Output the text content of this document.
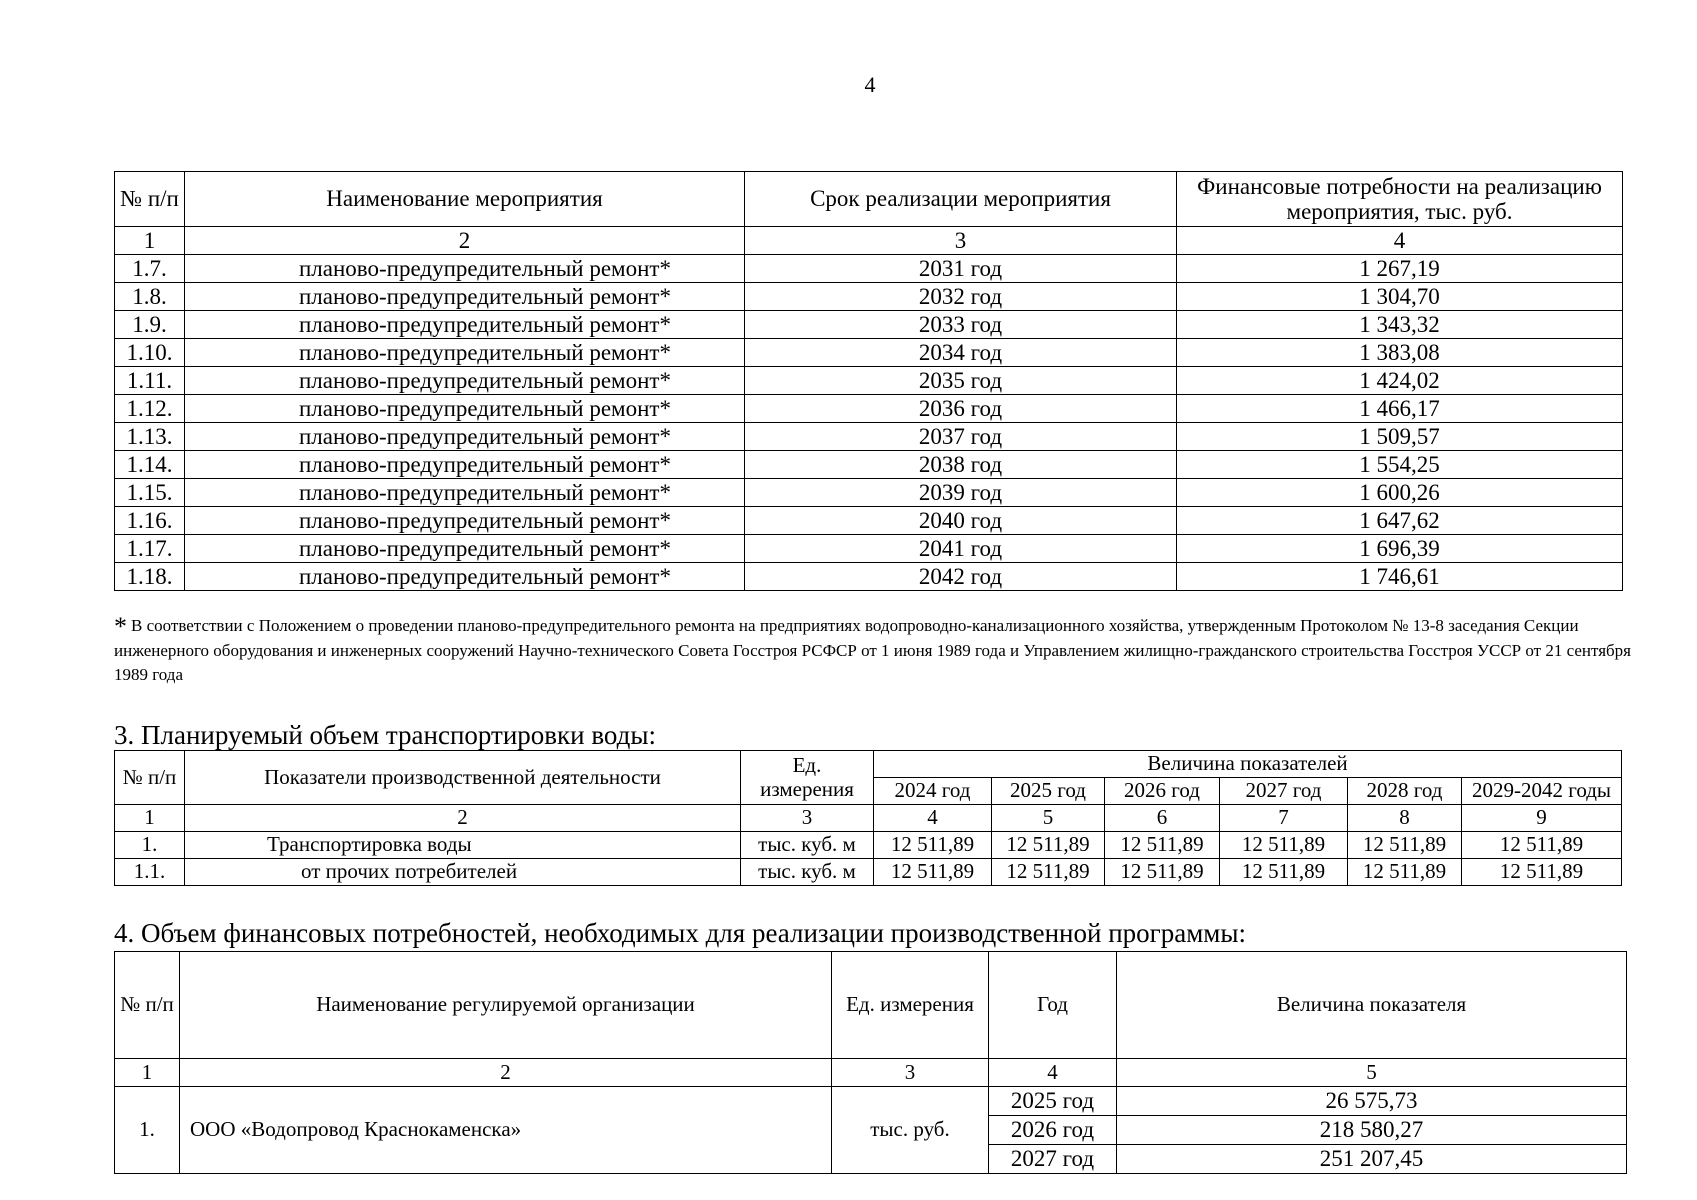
4
№ п/п	Наименование мероприятия	Срок реализации мероприятия	Финансовые потребности на реализацию мероприятия, тыс. руб.
1	2	3	4
1.7.	планово-предупредительный ремонт*	2031 год	1 267,19
1.8.	планово-предупредительный ремонт*	2032 год	1 304,70
1.9.	планово-предупредительный ремонт*	2033 год	1 343,32
1.10.	планово-предупредительный ремонт*	2034 год	1 383,08
1.11.	планово-предупредительный ремонт*	2035 год	1 424,02
1.12.	планово-предупредительный ремонт*	2036 год	1 466,17
1.13.	планово-предупредительный ремонт*	2037 год	1 509,57
1.14.	планово-предупредительный ремонт*	2038 год	1 554,25
1.15.	планово-предупредительный ремонт*	2039 год	1 600,26
1.16.	планово-предупредительный ремонт*	2040 год	1 647,62
1.17.	планово-предупредительный ремонт*	2041 год	1 696,39
1.18.	планово-предупредительный ремонт*	2042 год	1 746,61
* В соответствии с Положением о проведении планово-предупредительного ремонта на предприятиях водопроводно-канализационного хозяйства, утвержденным Протоколом № 13-8 заседания Секции инженерного оборудования и инженерных сооружений Научно-технического Совета Госстроя РСФСР от 1 июня 1989 года и Управлением жилищно-гражданского строительства Госстроя УССР от 21 сентября 1989 года
3. Планируемый объем транспортировки воды:
№ п/п	Показатели производственной деятельности	Ед. измерения	Величина показателей					
			2024 год	2025 год	2026 год	2027 год	2028 год	2029-2042 годы
1	2	3	4	5	6	7	8	9
1.	Транспортировка воды	тыс. куб. м	12 511,89	12 511,89	12 511,89	12 511,89	12 511,89	12 511,89
1.1.	от прочих потребителей	тыс. куб. м	12 511,89	12 511,89	12 511,89	12 511,89	12 511,89	12 511,89
4. Объем финансовых потребностей, необходимых для реализации производственной программы:
№ п/п	Наименование регулируемой организации	Ед. измерения	Год	Величина показателя
1	2	3	4	5
1.	ООО «Водопровод Краснокаменска»	тыс. руб.	2025 год	26 575,73
			2026 год	218 580,27
			2027 год	251 207,45
